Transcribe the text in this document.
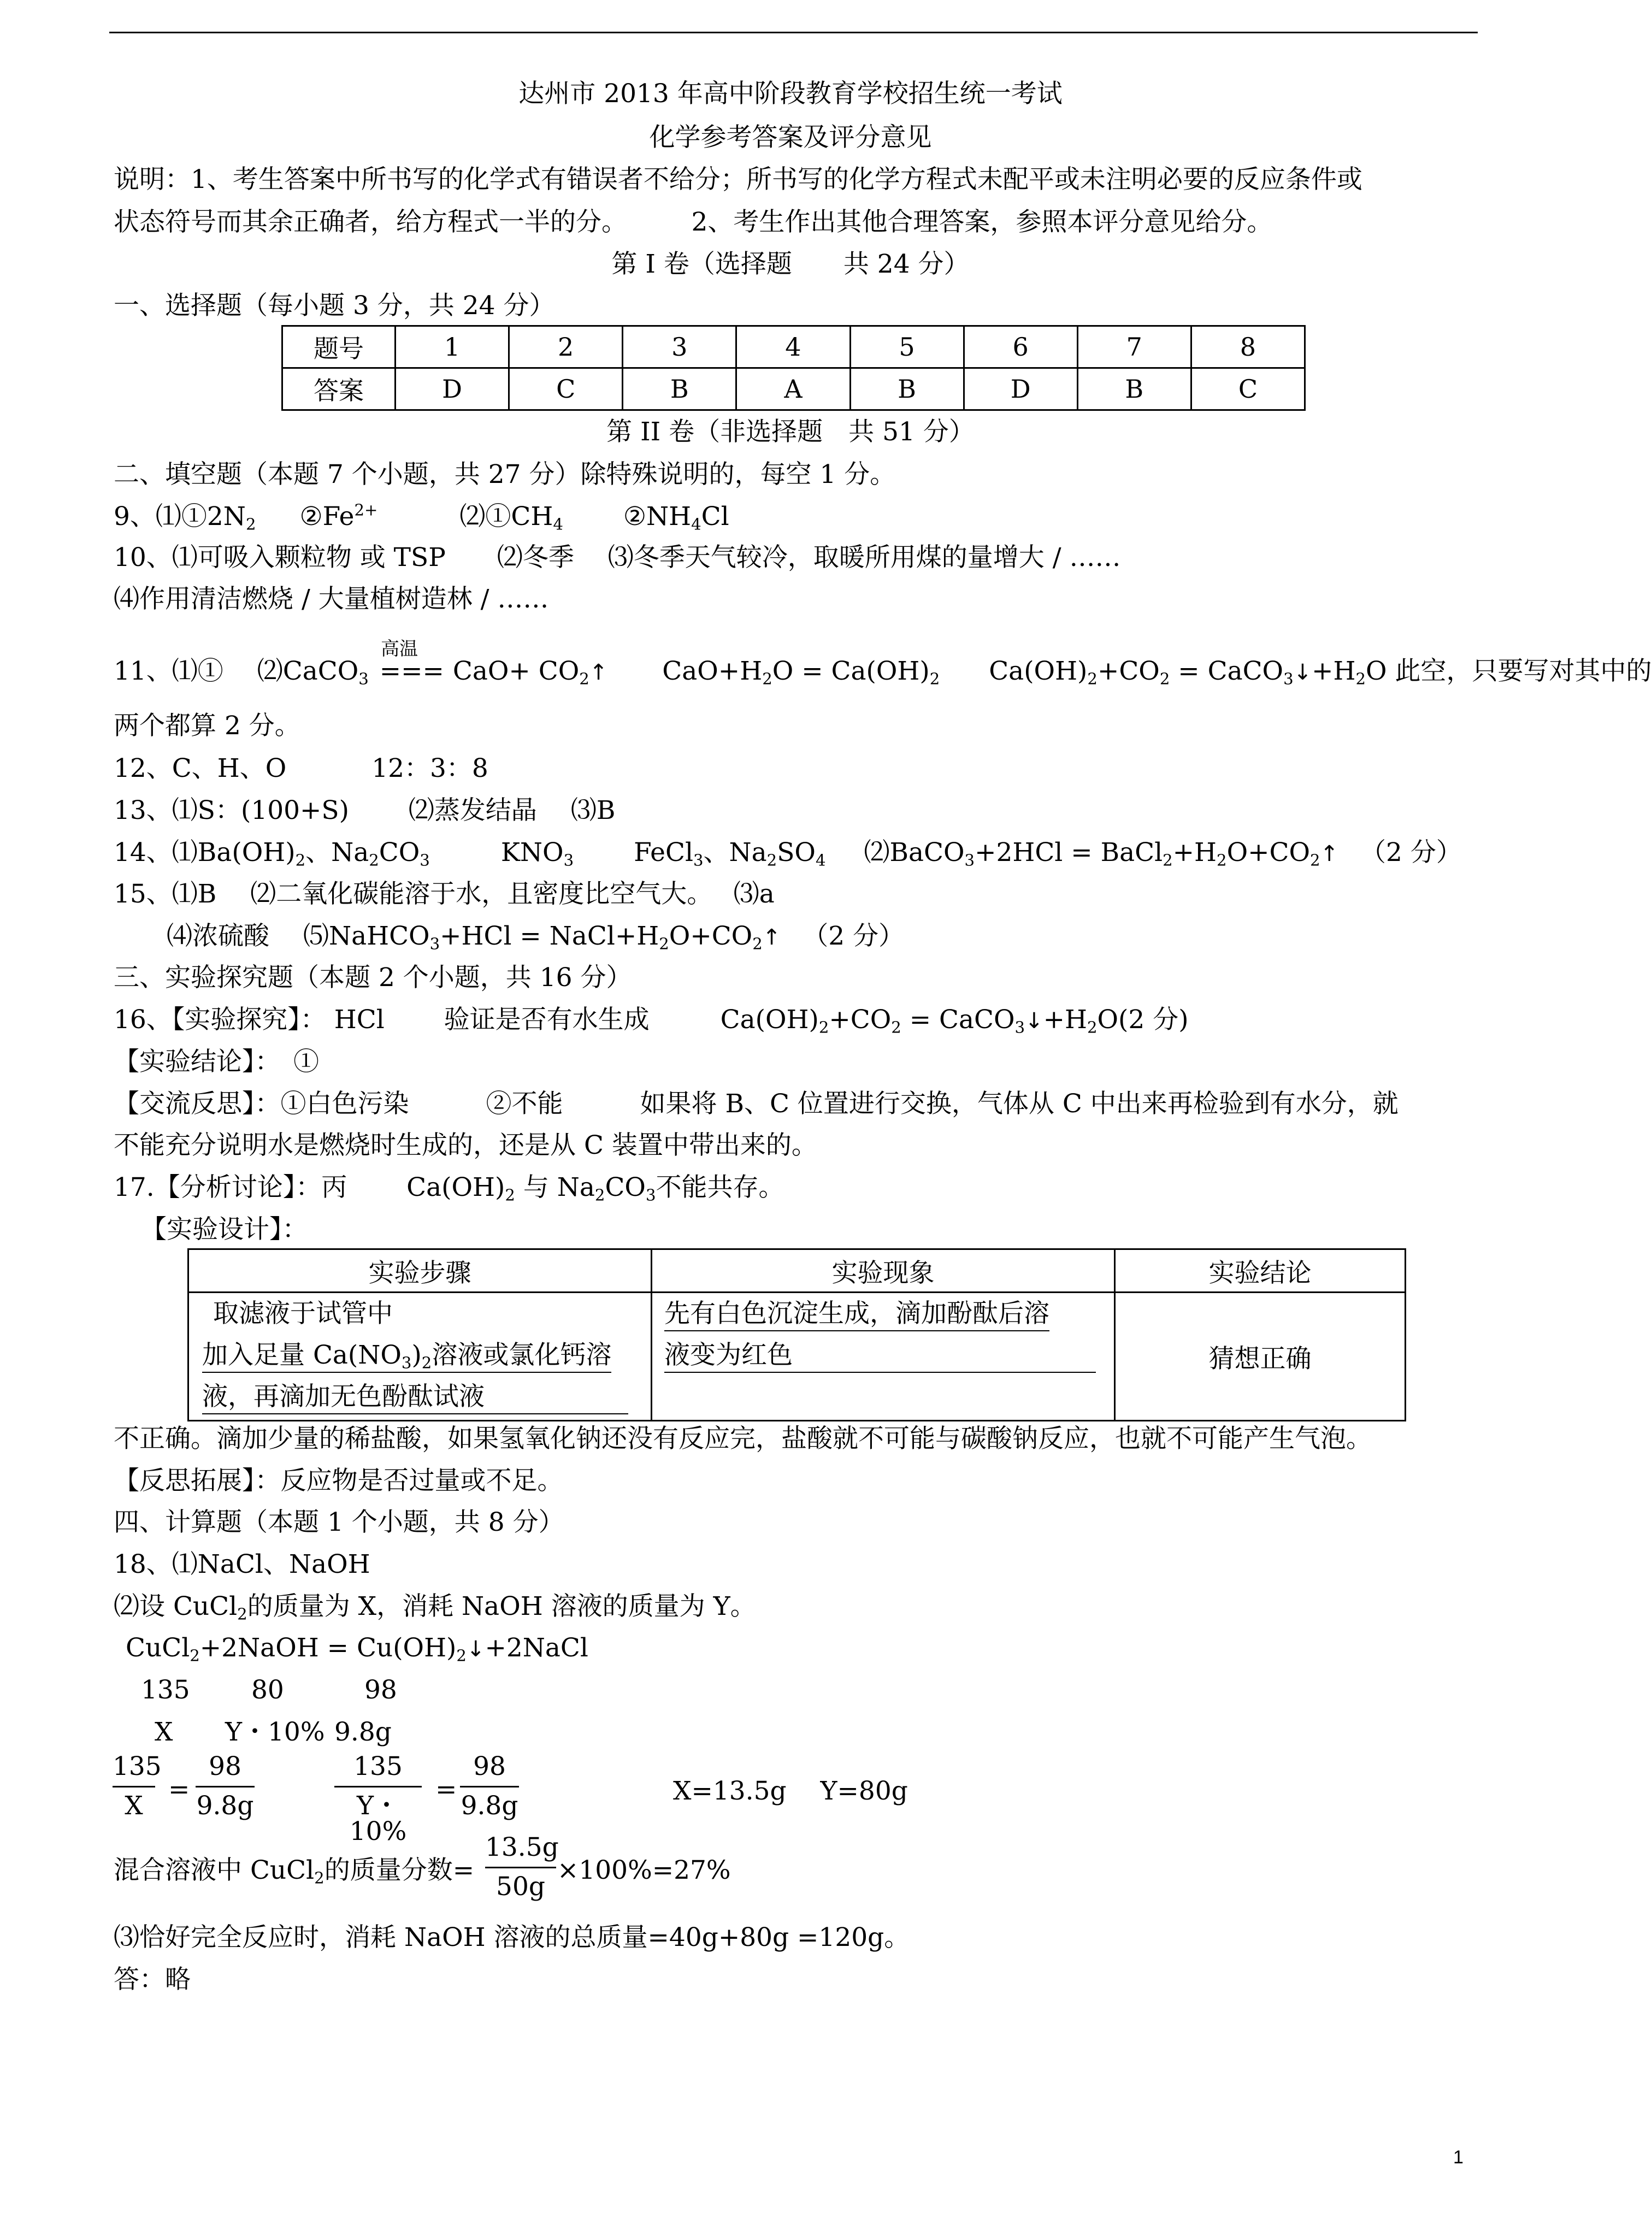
达州市 2013 年高中阶段教育学校招生统一考试
化学参考答案及评分意见
说明：1、考生答案中所书写的化学式有错误者不给分；所书写的化学方程式未配平或未注明必要的反应条件或
状态符号而其余正确者，给方程式一半的分。　　　2、考生作出其他合理答案，参照本评分意见给分。
第 I 卷（选择题　　共 24 分）
一、选择题（每小题 3 分，共 24 分）
题号	1	2	3	4	5	6	7	8
答案	D	C	B	A	B	D	B	C
第 II 卷（非选择题　共 51 分）
二、填空题（本题 7 个小题，共 27 分）除特殊说明的，每空 1 分。
9、$⑴①2N_2$ $②Fe^{2+}$	$⑵①CH_4$ $②NH_4Cl$
10、⑴可吸入颗粒物 或 TSP　　⑵冬季　 ⑶冬季天气较冷，取暖所用煤的量增大 / ……
⑷作用清洁燃烧 / 大量植树造林 / ……
高温
11、⑴①　 ⑵CaCO$_3$ === $CaO+ CO_2↑$ $CaO+H_2O = Ca(OH)_2$ $Ca(OH)_2+CO_2$ = $CaCO_3↓+H_2O$ 此空，只要写对其中的
两个都算 2 分。
12、C、H、O　　　 12：3：8
13、⑴S：(100+S)　　 ⑵蒸发结晶　 ⑶B
14、$⑴Ba(OH)_2$、$Na_2CO_3$	$KNO_3$ FeCl$_3$、$Na_2SO_4$ ⑵BaCO$_3$+2HCl = $BaCl_2+H_2O+CO_2↑$ （2 分）
15、⑴B　 ⑵二氧化碳能溶于水，且密度比空气大。　 ⑶a
⑷浓硫酸　 ⑸NaHCO$_3$+HCl = $NaCl+H_2O+CO_2↑$ （2 分）
三、实验探究题（本题 2 个小题，共 16 分）
16、【实验探究】： HCl　　 验证是否有水生成	$Ca(OH)_2+CO_2$ = $CaCO_3↓+H_2O(2$ 分)
【实验结论】：　①
【交流反思】：①白色污染　　　②不能　　　如果将 B、C 位置进行交换，气体从 C 中出来再检验到有水分，就
不能充分说明水是燃烧时生成的，还是从 C 装置中带出来的。
17.【分析讨论】：丙　　 $Ca(OH)_2$ 与 $Na_2CO_3$不能共存。
【实验设计】：
实验步骤	实验现象	实验结论

取滤液于试管中
加入足量 $Ca(NO_3)_2$溶液或氯化钙溶
液，再滴加无色酚酞试液	先有白色沉淀生成，滴加酚酞后溶
液变为红色	猜想正确
不正确。滴加少量的稀盐酸，如果氢氧化钠还没有反应完，盐酸就不可能与碳酸钠反应，也就不可能产生气泡。
【反思拓展】：反应物是否过量或不足。
四、计算题（本题 1 个小题，共 8 分）
18、⑴NaCl、NaOH
⑵设 CuCl$_2$的质量为 X，消耗 NaOH 溶液的质量为 Y。
CuCl$_2$+2NaOH = $Cu(OH)_2↓+2NaCl$
135 80	98
X Y・10% 9.8g
135
X
=
98
9.8g
135
Y・10%
=
98
9.8g	X=13.5g　 Y=80g
混合溶液中 CuCl$_2$的质量分数=
13.5g
50g
×100%=27%
⑶恰好完全反应时，消耗 NaOH 溶液的总质量=40g+80g =120g。
答：略
1
